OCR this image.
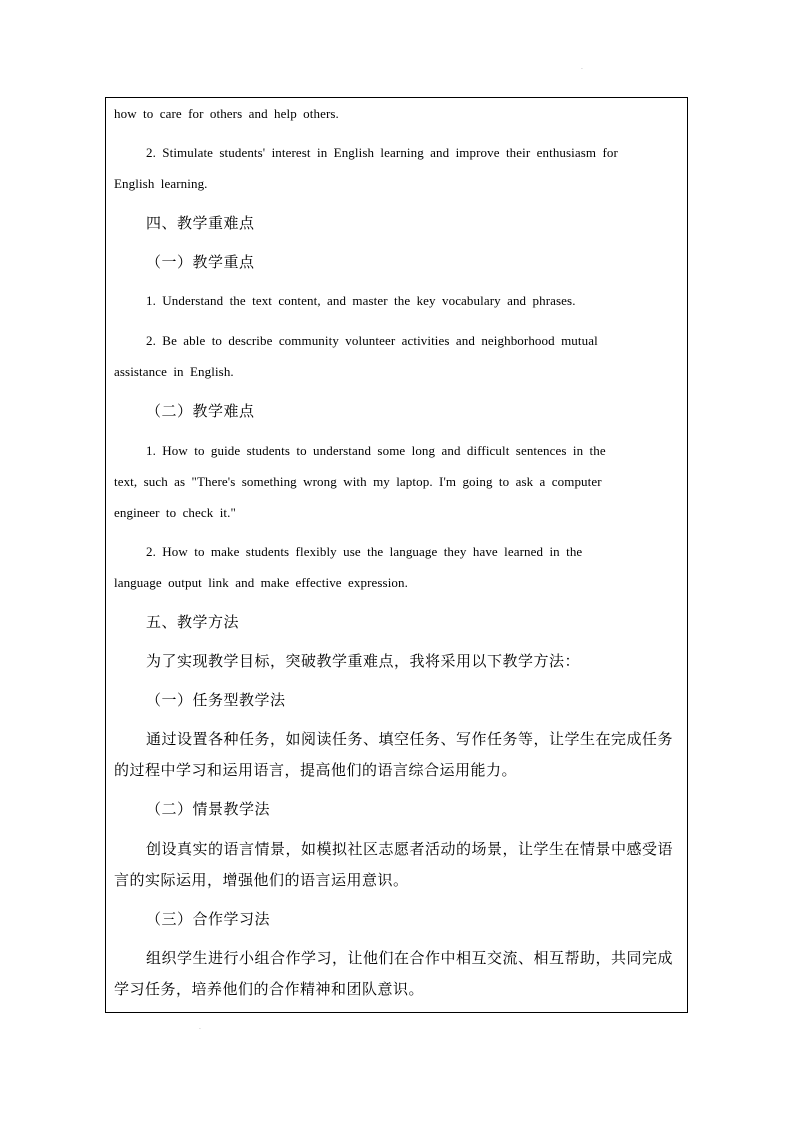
·
how to care for others and help others.
2. Stimulate students' interest in English learning and improve their enthusiasm for
English learning.
四、教学重难点
（一）教学重点
1. Understand the text content, and master the key vocabulary and phrases.
2. Be able to describe community volunteer activities and neighborhood mutual
assistance in English.
（二）教学难点
1. How to guide students to understand some long and difficult sentences in the
text, such as "There's something wrong with my laptop. I'm going to ask a computer
engineer to check it."
2. How to make students flexibly use the language they have learned in the
language output link and make effective expression.
五、教学方法
为了实现教学目标，突破教学重难点，我将采用以下教学方法：
（一）任务型教学法
通过设置各种任务，如阅读任务、填空任务、写作任务等，让学生在完成任务
的过程中学习和运用语言，提高他们的语言综合运用能力。
（二）情景教学法
创设真实的语言情景，如模拟社区志愿者活动的场景，让学生在情景中感受语
言的实际运用，增强他们的语言运用意识。
（三）合作学习法
组织学生进行小组合作学习，让他们在合作中相互交流、相互帮助，共同完成
学习任务，培养他们的合作精神和团队意识。
·
